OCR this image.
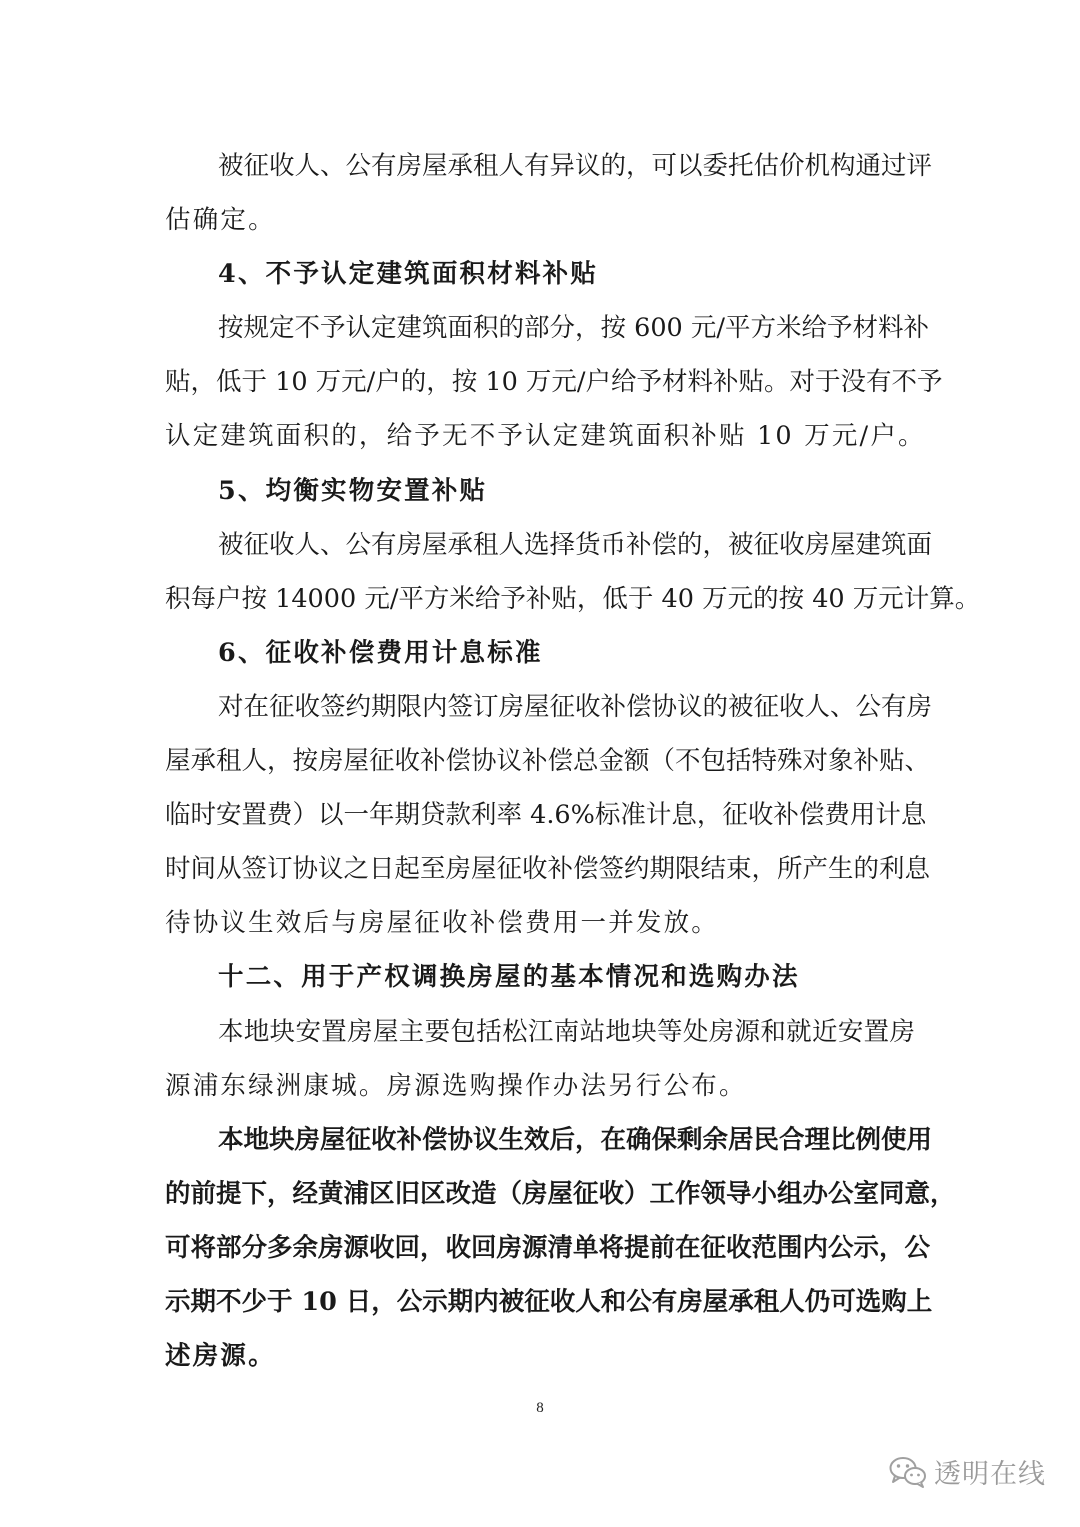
被征收人、公有房屋承租人有异议的，可以委托估价机构通过评
估确定。
4、不予认定建筑面积材料补贴
按规定不予认定建筑面积的部分，按 600 元/平方米给予材料补
贴，低于 10 万元/户的，按 10 万元/户给予材料补贴。对于没有不予
认定建筑面积的，给予无不予认定建筑面积补贴 10 万元/户。
5、均衡实物安置补贴
被征收人、公有房屋承租人选择货币补偿的，被征收房屋建筑面
积每户按 14000 元/平方米给予补贴，低于 40 万元的按 40 万元计算。
6、征收补偿费用计息标准
对在征收签约期限内签订房屋征收补偿协议的被征收人、公有房
屋承租人，按房屋征收补偿协议补偿总金额（不包括特殊对象补贴、
临时安置费）以一年期贷款利率 4.6%标准计息，征收补偿费用计息
时间从签订协议之日起至房屋征收补偿签约期限结束，所产生的利息
待协议生效后与房屋征收补偿费用一并发放。
十二、用于产权调换房屋的基本情况和选购办法
本地块安置房屋主要包括松江南站地块等处房源和就近安置房
源浦东绿洲康城。房源选购操作办法另行公布。
本地块房屋征收补偿协议生效后，在确保剩余居民合理比例使用
的前提下，经黄浦区旧区改造（房屋征收）工作领导小组办公室同意，
可将部分多余房源收回，收回房源清单将提前在征收范围内公示，公
示期不少于 10 日，公示期内被征收人和公有房屋承租人仍可选购上
述房源。
8
透明在线
